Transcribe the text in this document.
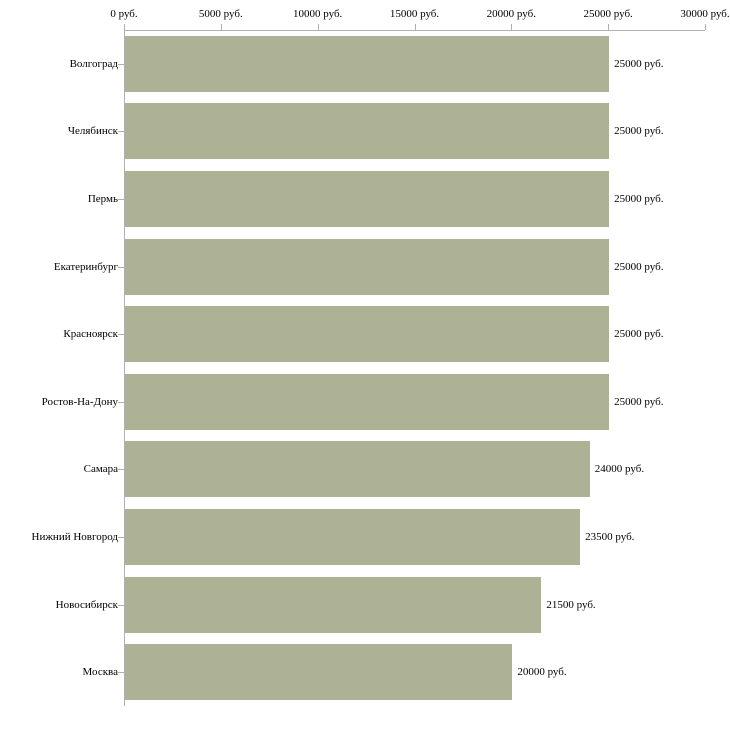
0 руб.	5000 руб.	10000 руб.	15000 руб.	20000 руб.	25000 руб.	30000 руб.
Волгоград	25000 руб.
Челябинск	25000 руб.
Пермь	25000 руб.
Екатеринбург	25000 руб.
Красноярск	25000 руб.
Ростов-На-Дону	25000 руб.
Самара	24000 руб.
Нижний Новгород	23500 руб.
Новосибирск	21500 руб.
Москва	20000 руб.
